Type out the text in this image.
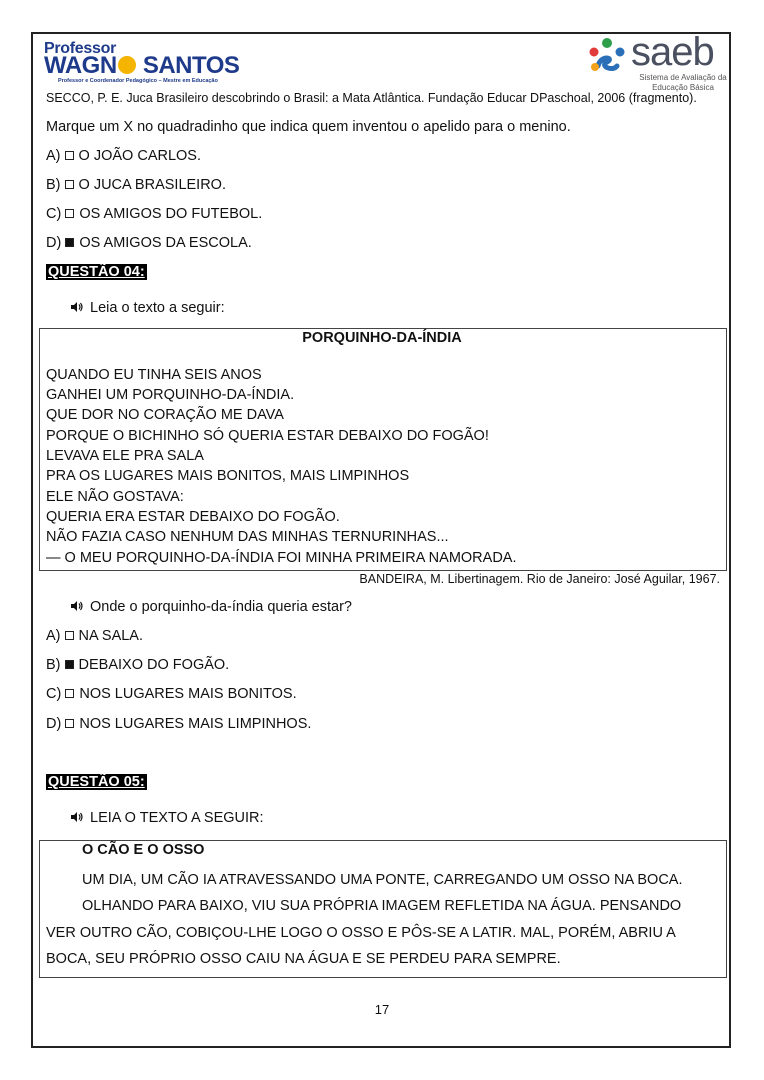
Professor
WAGN SANTOS
Professor e Coordenador Pedagógico – Mestre em Educação
saeb
Sistema de Avaliação da Educação Básica
SECCO, P. E. Juca Brasileiro descobrindo o Brasil: a Mata Atlântica. Fundação Educar DPaschoal, 2006 (fragmento).
Marque um X no quadradinho que indica quem inventou o apelido para o menino.
A) O JOÃO CARLOS.
B) O JUCA BRASILEIRO.
C) OS AMIGOS DO FUTEBOL.
D) OS AMIGOS DA ESCOLA.
QUESTÃO 04:
Leia o texto a seguir:
PORQUINHO-DA-ÍNDIA
QUANDO EU TINHA SEIS ANOS
GANHEI UM PORQUINHO-DA-ÍNDIA.
QUE DOR NO CORAÇÃO ME DAVA
PORQUE O BICHINHO SÓ QUERIA ESTAR DEBAIXO DO FOGÃO!
LEVAVA ELE PRA SALA
PRA OS LUGARES MAIS BONITOS, MAIS LIMPINHOS
ELE NÃO GOSTAVA:
QUERIA ERA ESTAR DEBAIXO DO FOGÃO.
NÃO FAZIA CASO NENHUM DAS MINHAS TERNURINHAS...
— O MEU PORQUINHO-DA-ÍNDIA FOI MINHA PRIMEIRA NAMORADA.
BANDEIRA, M. Libertinagem. Rio de Janeiro: José Aguilar, 1967.
Onde o porquinho-da-índia queria estar?
A) NA SALA.
B) DEBAIXO DO FOGÃO.
C) NOS LUGARES MAIS BONITOS.
D) NOS LUGARES MAIS LIMPINHOS.
QUESTÃO 05:
LEIA O TEXTO A SEGUIR:
O CÃO E O OSSO
UM DIA, UM CÃO IA ATRAVESSANDO UMA PONTE, CARREGANDO UM OSSO NA BOCA.
OLHANDO PARA BAIXO, VIU SUA PRÓPRIA IMAGEM REFLETIDA NA ÁGUA. PENSANDO
VER OUTRO CÃO, COBIÇOU-LHE LOGO O OSSO E PÔS-SE A LATIR. MAL, PORÉM, ABRIU A
BOCA, SEU PRÓPRIO OSSO CAIU NA ÁGUA E SE PERDEU PARA SEMPRE.
17
